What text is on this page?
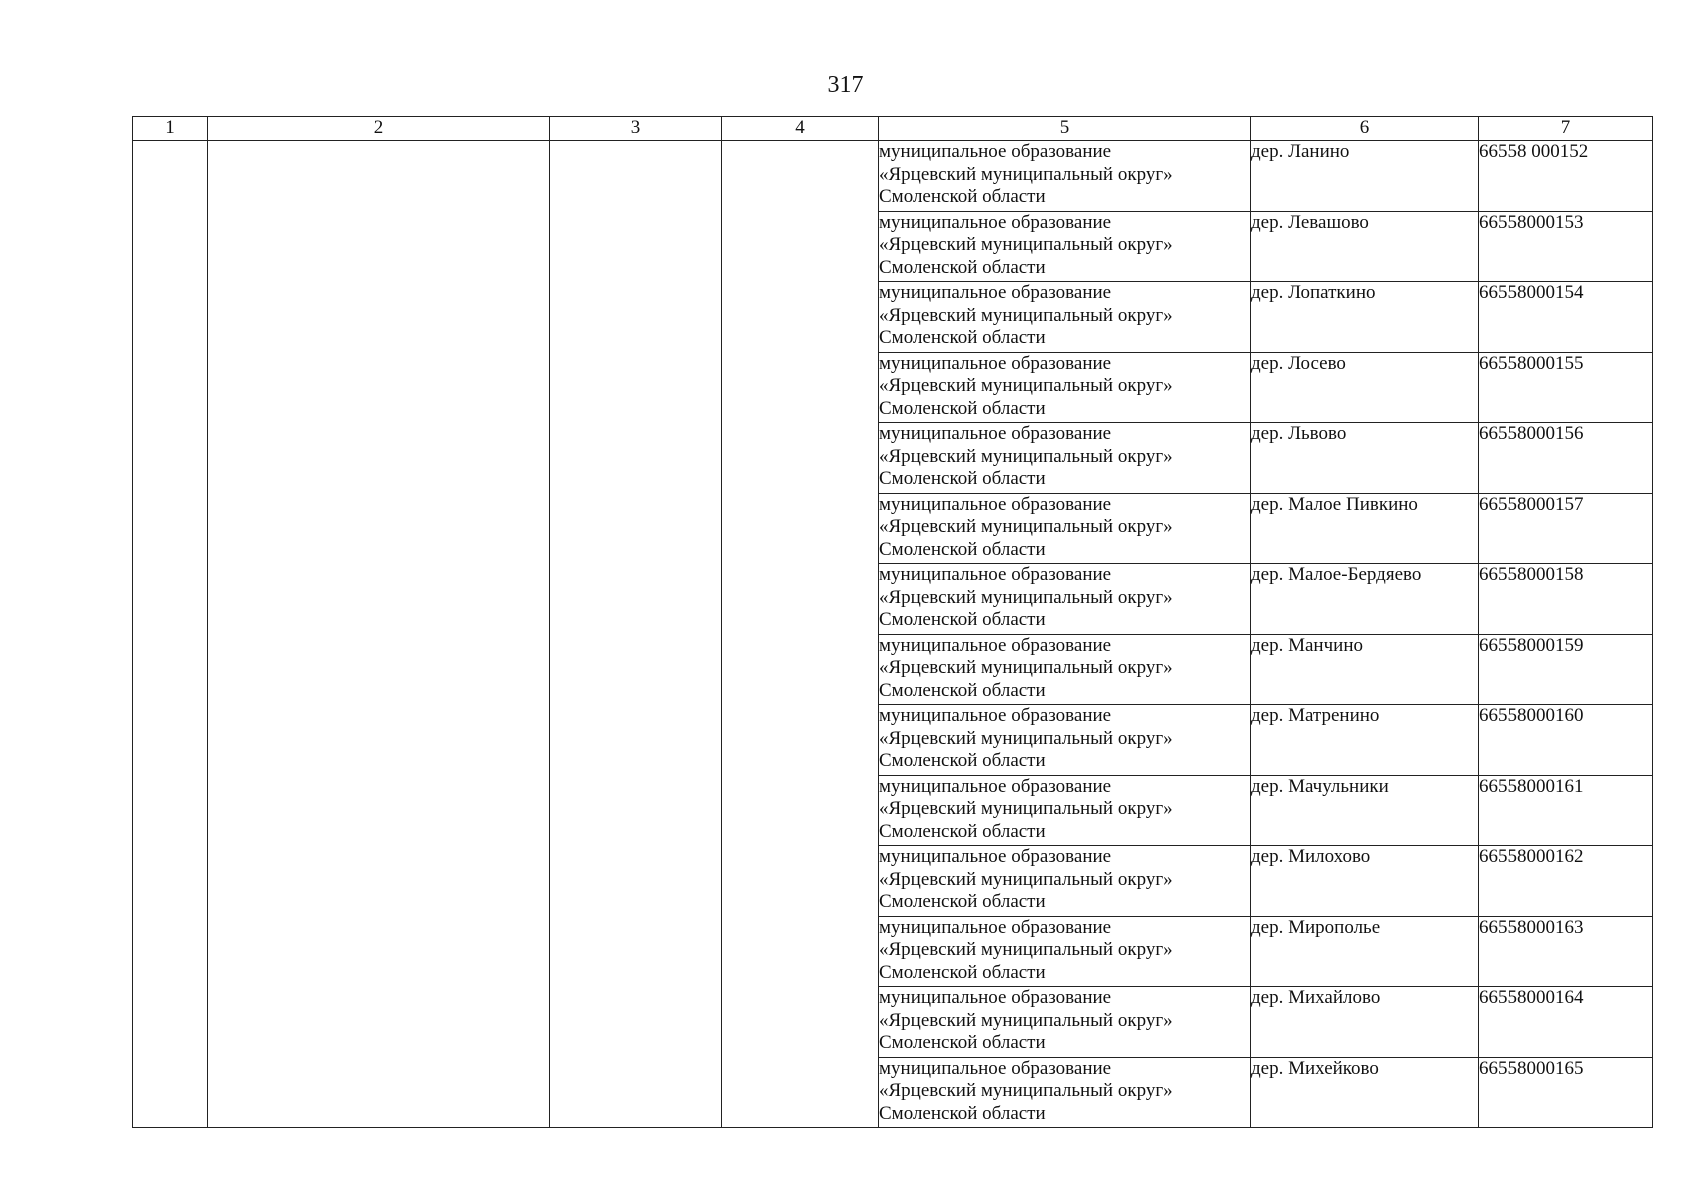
317
1	2	3	4	5	6	7

				муниципальное образование
«Ярцевский муниципальный округ»
Смоленской области	дер. Ланино	66558 000152

				муниципальное образование
«Ярцевский муниципальный округ»
Смоленской области	дер. Левашово	66558000153

				муниципальное образование
«Ярцевский муниципальный округ»
Смоленской области	дер. Лопаткино	66558000154

				муниципальное образование
«Ярцевский муниципальный округ»
Смоленской области	дер. Лосево	66558000155

				муниципальное образование
«Ярцевский муниципальный округ»
Смоленской области	дер. Львово	66558000156

				муниципальное образование
«Ярцевский муниципальный округ»
Смоленской области	дер. Малое Пивкино	66558000157

				муниципальное образование
«Ярцевский муниципальный округ»
Смоленской области	дер. Малое-Бердяево	66558000158

				муниципальное образование
«Ярцевский муниципальный округ»
Смоленской области	дер. Манчино	66558000159

				муниципальное образование
«Ярцевский муниципальный округ»
Смоленской области	дер. Матренино	66558000160

				муниципальное образование
«Ярцевский муниципальный округ»
Смоленской области	дер. Мачульники	66558000161

				муниципальное образование
«Ярцевский муниципальный округ»
Смоленской области	дер. Милохово	66558000162

				муниципальное образование
«Ярцевский муниципальный округ»
Смоленской области	дер. Мирополье	66558000163

				муниципальное образование
«Ярцевский муниципальный округ»
Смоленской области	дер. Михайлово	66558000164

				муниципальное образование
«Ярцевский муниципальный округ»
Смоленской области	дер. Михейково	66558000165
